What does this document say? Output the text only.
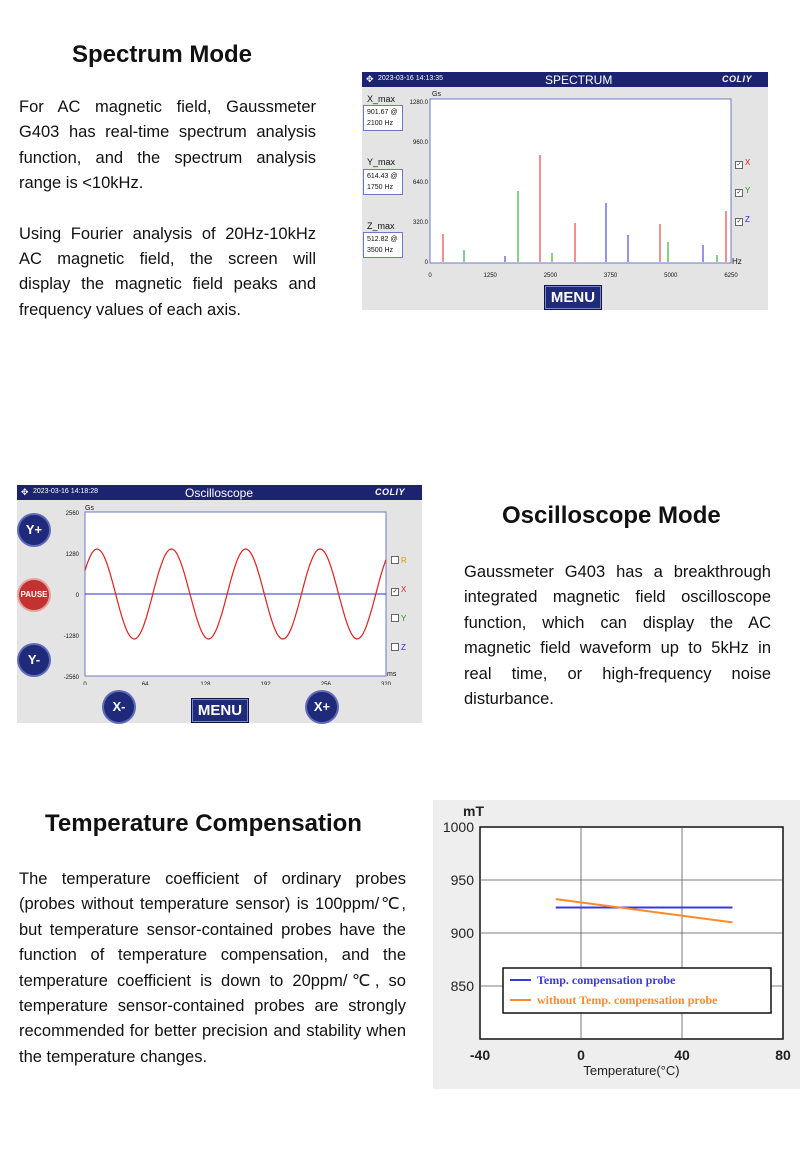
Spectrum Mode

For AC magnetic field, Gaussmeter G403 has real-time spectrum analysis function, and the spectrum analysis range is <10kHz.

Using Fourier analysis of 20Hz-10kHz AC magnetic field, the screen will display the magnetic field peaks and frequency values of each axis.

✥ 2023-03-16 14:13:35	SPECTRUM	COLIY
901.67 @
2100 Hz
X_max
614.43 @
1750 Hz
Y_max
512.82 @
3500 Hz
Z_max
Gs
Hz
1280.0
960.0
640.0
320.0
0
0	1250	2500	3750	5000	6250
✓ X
✓ Y
✓ Z
MENU
✥ 2023-03-16 14:18:28	Oscilloscope	COLIY
Y+
PAUSE
Y-
Gs
ms
2560
1280
0
-1280
-2560
0	64	128	192	256	320
R
✓ X
Y
Z
X-	MENU	X+
Oscilloscope Mode
Gaussmeter G403 has a breakthrough integrated magnetic field oscilloscope function, which can display the AC magnetic field waveform up to 5kHz in real time, or high-frequency noise disturbance.
Temperature Compensation
The temperature coefficient of ordinary probes (probes without temperature sensor) is 100ppm/℃, but temperature sensor-contained probes have the function of temperature compensation, and the temperature coefficient is down to 20ppm/℃, so temperature sensor-contained probes are strongly recommended for better precision and stability when the temperature changes.
1000
950
900
850
-40	0	40	80
mT
Temperature(°C)
Temp. compensation probe
without Temp. compensation probe
